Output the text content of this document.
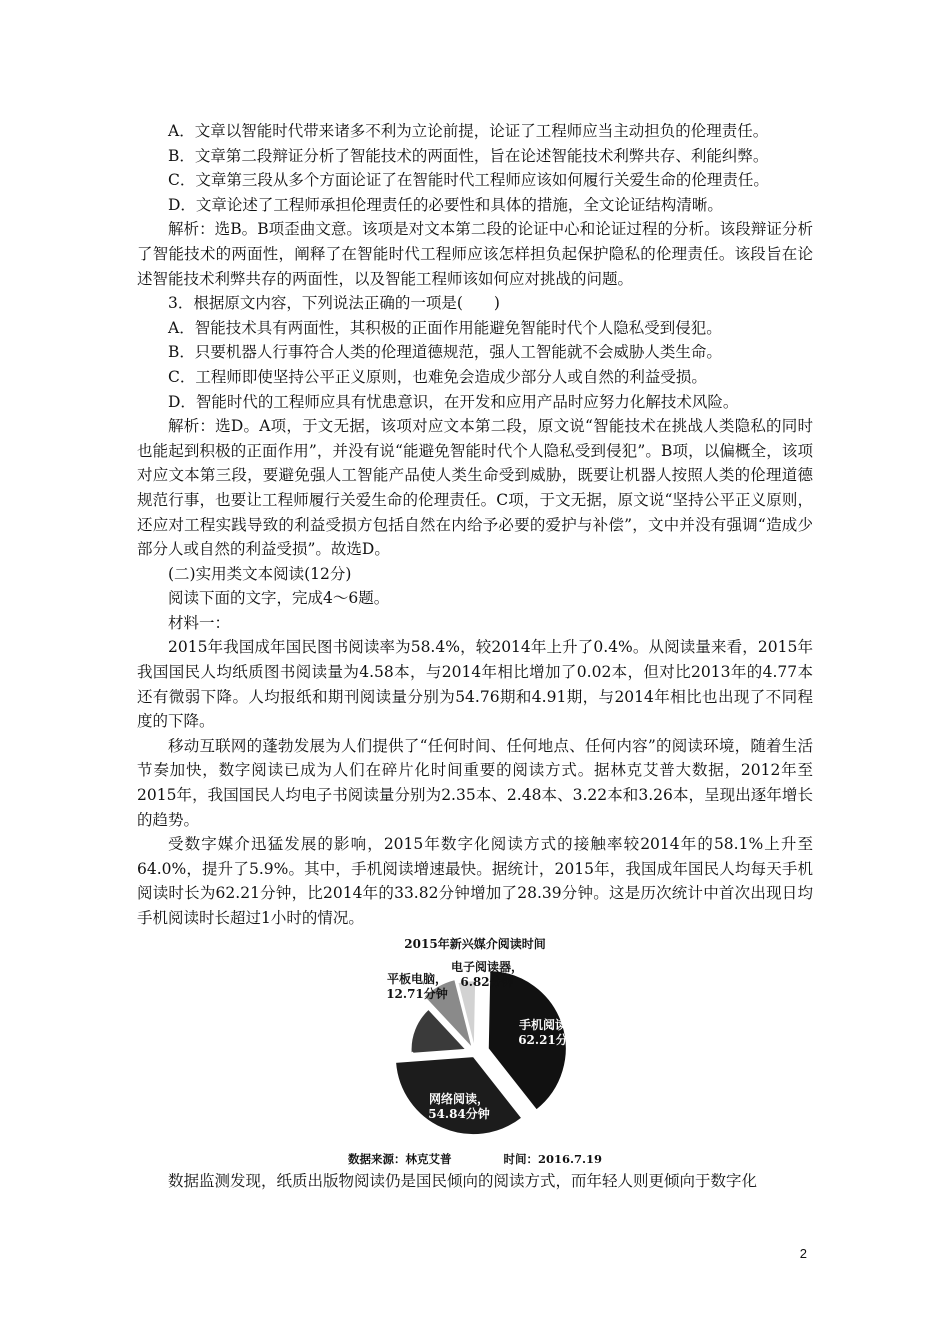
A．文章以智能时代带来诸多不利为立论前提，论证了工程师应当主动担负的伦理责任。

B．文章第二段辩证分析了智能技术的两面性，旨在论述智能技术利弊共存、利能纠弊。

C．文章第三段从多个方面论证了在智能时代工程师应该如何履行关爱生命的伦理责任。

D．文章论述了工程师承担伦理责任的必要性和具体的措施，全文论证结构清晰。

解析：选B。B项歪曲文意。该项是对文本第二段的论证中心和论证过程的分析。该段辩证分析了智能技术的两面性，阐释了在智能时代工程师应该怎样担负起保护隐私的伦理责任。该段旨在论述智能技术利弊共存的两面性，以及智能工程师该如何应对挑战的问题。

3．根据原文内容，下列说法正确的一项是(　　)

A．智能技术具有两面性，其积极的正面作用能避免智能时代个人隐私受到侵犯。

B．只要机器人行事符合人类的伦理道德规范，强人工智能就不会威胁人类生命。

C．工程师即使坚持公平正义原则，也难免会造成少部分人或自然的利益受损。

D．智能时代的工程师应具有忧患意识，在开发和应用产品时应努力化解技术风险。

解析：选D。A项，于文无据，该项对应文本第二段，原文说“智能技术在挑战人类隐私的同时也能起到积极的正面作用”，并没有说“能避免智能时代个人隐私受到侵犯”。B项，以偏概全，该项对应文本第三段，要避免强人工智能产品使人类生命受到威胁，既要让机器人按照人类的伦理道德规范行事，也要让工程师履行关爱生命的伦理责任。C项，于文无据，原文说“坚持公平正义原则，还应对工程实践导致的利益受损方包括自然在内给予必要的爱护与补偿”，文中并没有强调“造成少部分人或自然的利益受损”。故选D。

(二)实用类文本阅读(12分)

阅读下面的文字，完成4～6题。

材料一：

2015年我国成年国民图书阅读率为58.4%，较2014年上升了0.4%。从阅读量来看，2015年我国国民人均纸质图书阅读量为4.58本，与2014年相比增加了0.02本，但对比2013年的4.77本还有微弱下降。人均报纸和期刊阅读量分别为54.76期和4.91期，与2014年相比也出现了不同程度的下降。

移动互联网的蓬勃发展为人们提供了“任何时间、任何地点、任何内容”的阅读环境，随着生活节奏加快，数字阅读已成为人们在碎片化时间重要的阅读方式。据林克艾普大数据，2012年至2015年，我国国民人均电子书阅读量分别为2.35本、2.48本、3.22本和3.26本，呈现出逐年增长的趋势。

受数字媒介迅猛发展的影响，2015年数字化阅读方式的接触率较2014年的58.1%上升至64.0%，提升了5.9%。其中，手机阅读增速最快。据统计，2015年，我国成年国民人均每天手机阅读时长为62.21分钟，比2014年的33.82分钟增加了28.39分钟。这是历次统计中首次出现日均手机阅读时长超过1小时的情况。

2015年新兴媒介阅读时间
手机阅读， 62.21分钟
网络阅读， 54.84分钟
微信阅读， 22.63分钟
平板电脑， 12.71分钟
电子阅读器， 6.82分钟
数据来源：林克艾普	时间：2016.7.19

数据监测发现，纸质出版物阅读仍是国民倾向的阅读方式，而年轻人则更倾向于数字化

2
